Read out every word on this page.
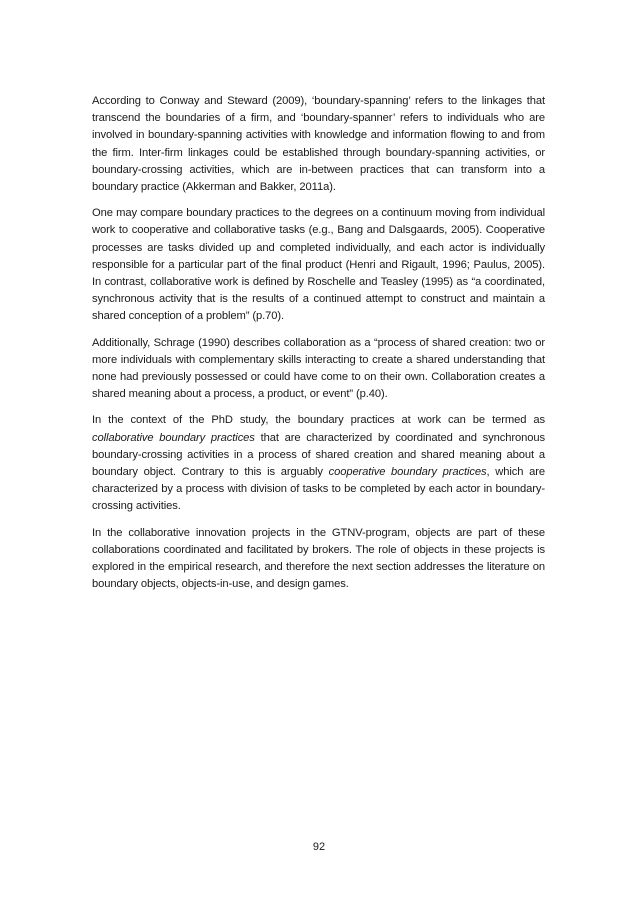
According to Conway and Steward (2009), ‘boundary-spanning’ refers to the linkages that transcend the boundaries of a firm, and ‘boundary-spanner’ refers to individuals who are involved in boundary-spanning activities with knowledge and information flowing to and from the firm. Inter-firm linkages could be established through boundary-spanning activities, or boundary-crossing activities, which are in-between practices that can transform into a boundary practice (Akkerman and Bakker, 2011a).

One may compare boundary practices to the degrees on a continuum moving from individual work to cooperative and collaborative tasks (e.g., Bang and Dalsgaards, 2005). Cooperative processes are tasks divided up and completed individually, and each actor is individually responsible for a particular part of the final product (Henri and Rigault, 1996; Paulus, 2005). In contrast, collaborative work is defined by Roschelle and Teasley (1995) as “a coordinated, synchronous activity that is the results of a continued attempt to construct and maintain a shared conception of a problem” (p.70).

Additionally, Schrage (1990) describes collaboration as a “process of shared creation: two or more individuals with complementary skills interacting to create a shared understanding that none had previously possessed or could have come to on their own. Collaboration creates a shared meaning about a process, a product, or event” (p.40).

In the context of the PhD study, the boundary practices at work can be termed as collaborative boundary practices that are characterized by coordinated and synchronous boundary-crossing activities in a process of shared creation and shared meaning about a boundary object. Contrary to this is arguably cooperative boundary practices, which are characterized by a process with division of tasks to be completed by each actor in boundary-crossing activities.

In the collaborative innovation projects in the GTNV-program, objects are part of these collaborations coordinated and facilitated by brokers. The role of objects in these projects is explored in the empirical research, and therefore the next section addresses the literature on boundary objects, objects-in-use, and design games.

92
